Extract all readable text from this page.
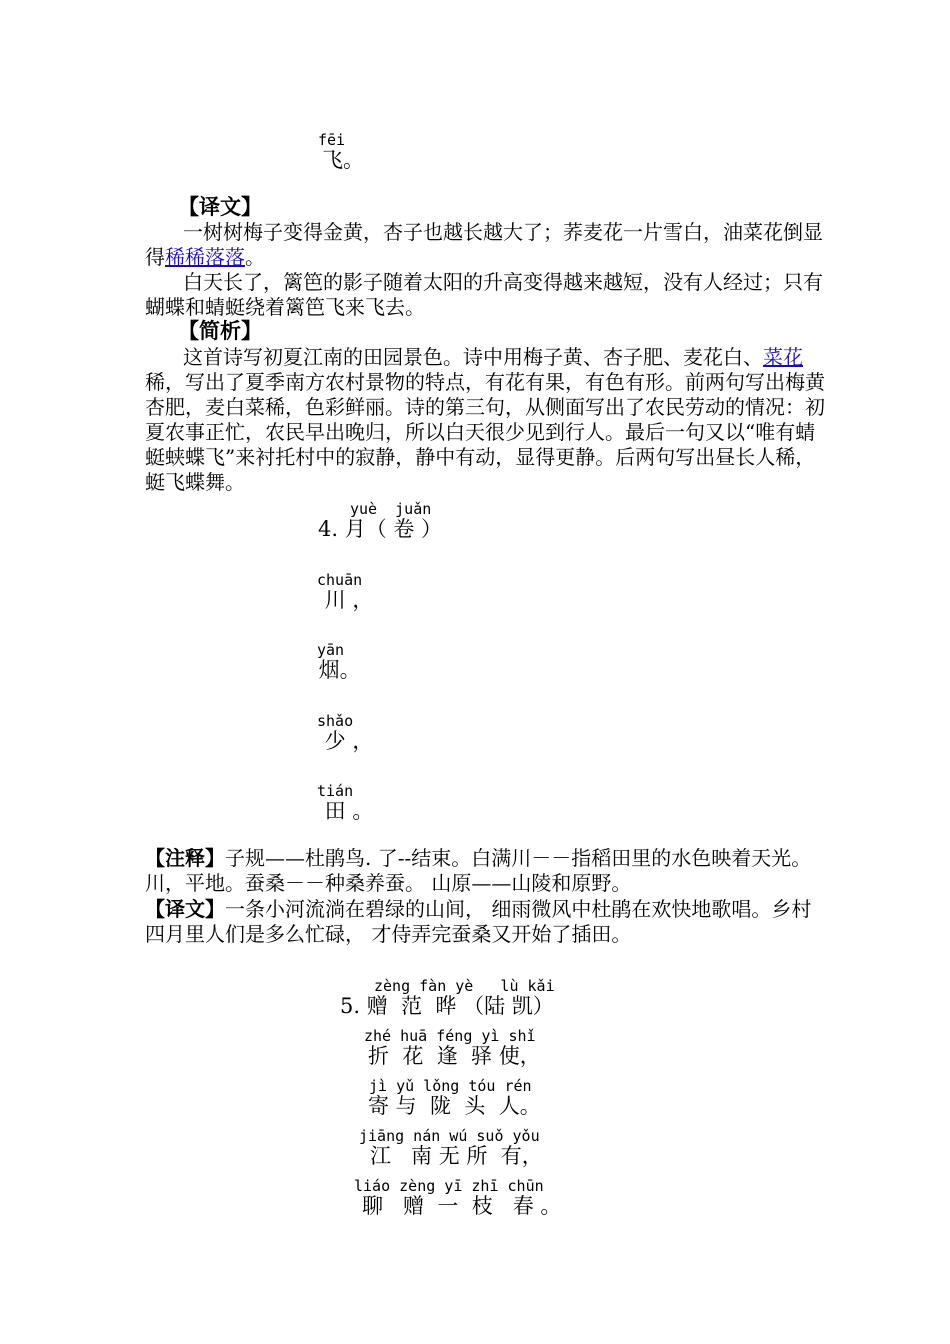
fēi
飞。
【译文】
一树树梅子变得金黄，杏子也越长越大了；荞麦花一片雪白，油菜花倒显得稀稀落落。
白天长了，篱笆的影子随着太阳的升高变得越来越短，没有人经过；只有蝴蝶和蜻蜓绕着篱笆飞来飞去。
【简析】
这首诗写初夏江南的田园景色。诗中用梅子黄、杏子肥、麦花白、菜花稀，写出了夏季南方农村景物的特点，有花有果，有色有形。前两句写出梅黄杏肥，麦白菜稀，色彩鲜丽。诗的第三句，从侧面写出了农民劳动的情况：初夏农事正忙，农民早出晚归，所以白天很少见到行人。最后一句又以“唯有蜻蜓蛱蝶飞”来衬托村中的寂静，静中有动，显得更静。后两句写出昼长人稀，蜓飞蝶舞。
yuè  juǎn
4. 月（ 卷 ）
chuān
川 ，
yān
烟。
shǎo
少 ，
tián
田 。
【注释】子规——杜鹃鸟. 了--结束。白满川－－指稻田里的水色映着天光。 川，平地。蚕桑－－种桑养蚕。 山原——山陵和原野。
【译文】一条小河流淌在碧绿的山间， 细雨微风中杜鹃在欢快地歌唱。乡村四月里人们是多么忙碌， 才侍弄完蚕桑又开始了插田。
zèng fàn yè   lù kǎi
5. 赠  范  晔 （陆 凯）
zhé huā féng yì shǐ
折  花  逢  驿 使，
jì yǔ lǒng tóu rén
寄 与  陇  头  人。
jiāng nán wú suǒ yǒu
江   南 无 所  有，
liáo zèng yī zhī chūn
聊   赠  一  枝   春 。
